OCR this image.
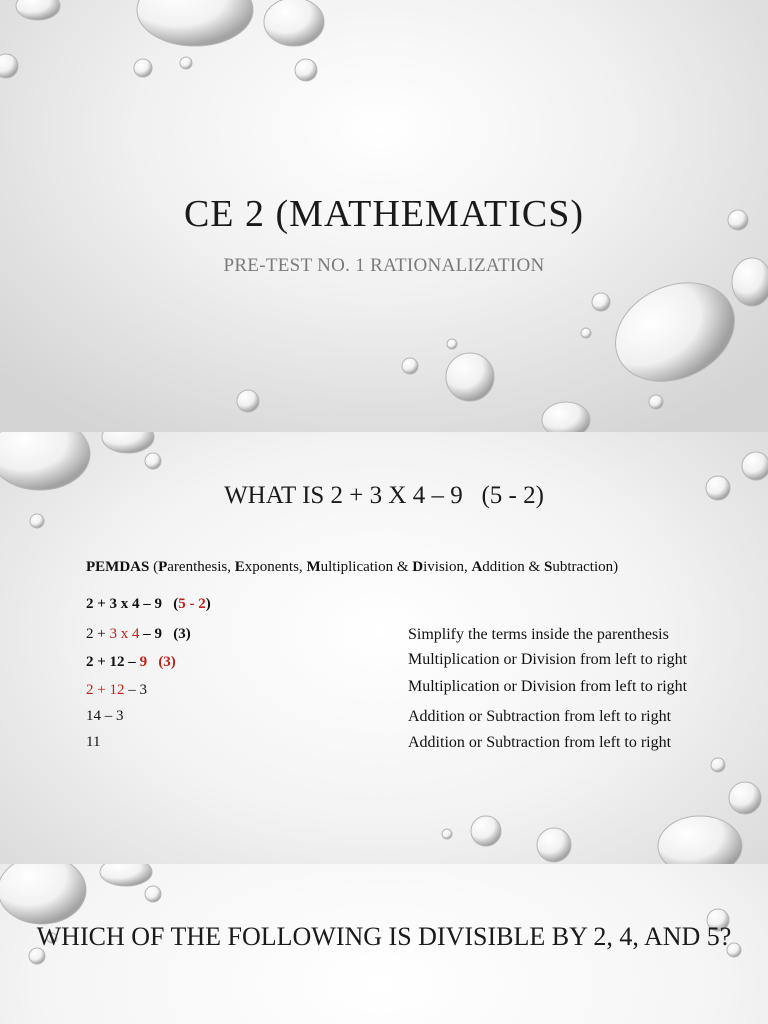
CE 2 (MATHEMATICS)
PRE-TEST NO. 1 RATIONALIZATION
WHAT IS 2 + 3 X 4 – 9   (5 - 2)
PEMDAS (Parenthesis, Exponents, Multiplication & Division, Addition & Subtraction)
2 + 3 x 4 – 9   (5 - 2)
2 + 3 x 4 – 9   (3)
2 + 12 – 9   (3)
2 + 12 – 3
14 – 3
11
Simplify the terms inside the parenthesis
Multiplication or Division from left to right
Multiplication or Division from left to right
Addition or Subtraction from left to right
Addition or Subtraction from left to right
WHICH OF THE FOLLOWING IS DIVISIBLE BY 2, 4, AND 5?
